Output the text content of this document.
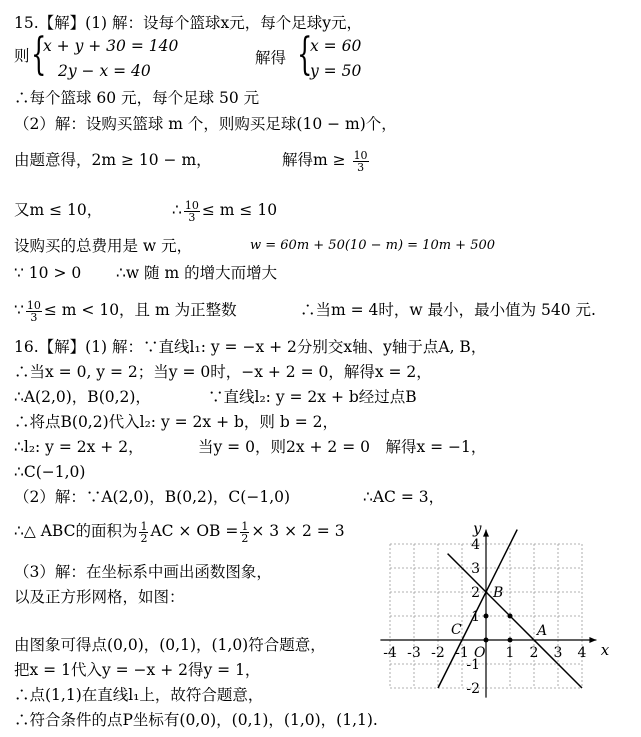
15.【解】(1) 解：设每个篮球x元，每个足球y元，
则 {
x + y + 30 = 140
2y − x = 40
解得 {
x = 60
y = 50
∴每个篮球 60 元，每个足球 50 元
（2）解：设购买篮球 m 个，则购买足球(10 − m)个，
由题意得，2m ≥ 10 − m，	解得$m \ge \frac{10}{3}$
又m ≤ 10，	∴ $\frac{10}{3} \le m \le 10$
设购买的总费用是 w 元，	w = 60m + 50(10 − m) = 10m + 500
∵ 10 > 0 ∴w 随 m 的增大而增大
∵ $\frac{10}{3} \le m < 10$，且 m 为正整数	∴当m = 4时，w 最小，最小值为 540 元.
16.【解】(1) 解：∵直线l₁: y = −x + 2分别交x轴、y轴于点A, B，
∴当x = 0, y = 2；当y = 0时，−x + 2 = 0，解得x = 2，
∴A(2,0)，B(0,2)，	∵直线l₂: y = 2x + b经过点B
∴将点B(0,2)代入l₂: y = 2x + b，则 b = 2，
∴l₂: y = 2x + 2，	当y = 0，则2x + 2 = 0　解得x = −1，
∴C(−1,0)
（2）解：∵A(2,0)，B(0,2)，C(−1,0)	∴AC = 3，
∴△ ABC的面积为 $\frac{1}{2}$ AC × OB = $\frac{1}{2} \times 3 \times 2 = 3$
（3）解：在坐标系中画出函数图象，
以及正方形网格，如图：
由图象可得点(0,0)，(0,1)，(1,0)符合题意，
把x = 1代入y = −x + 2得y = 1，
∴点(1,1)在直线l₁上，故符合题意，
∴符合条件的点P坐标有(0,0)，(0,1)，(1,0)，(1,1).
-4 -3 -2 -1	1 2 3 4
4
3
2
1
-1
-2
x
y
O
A
B
C
